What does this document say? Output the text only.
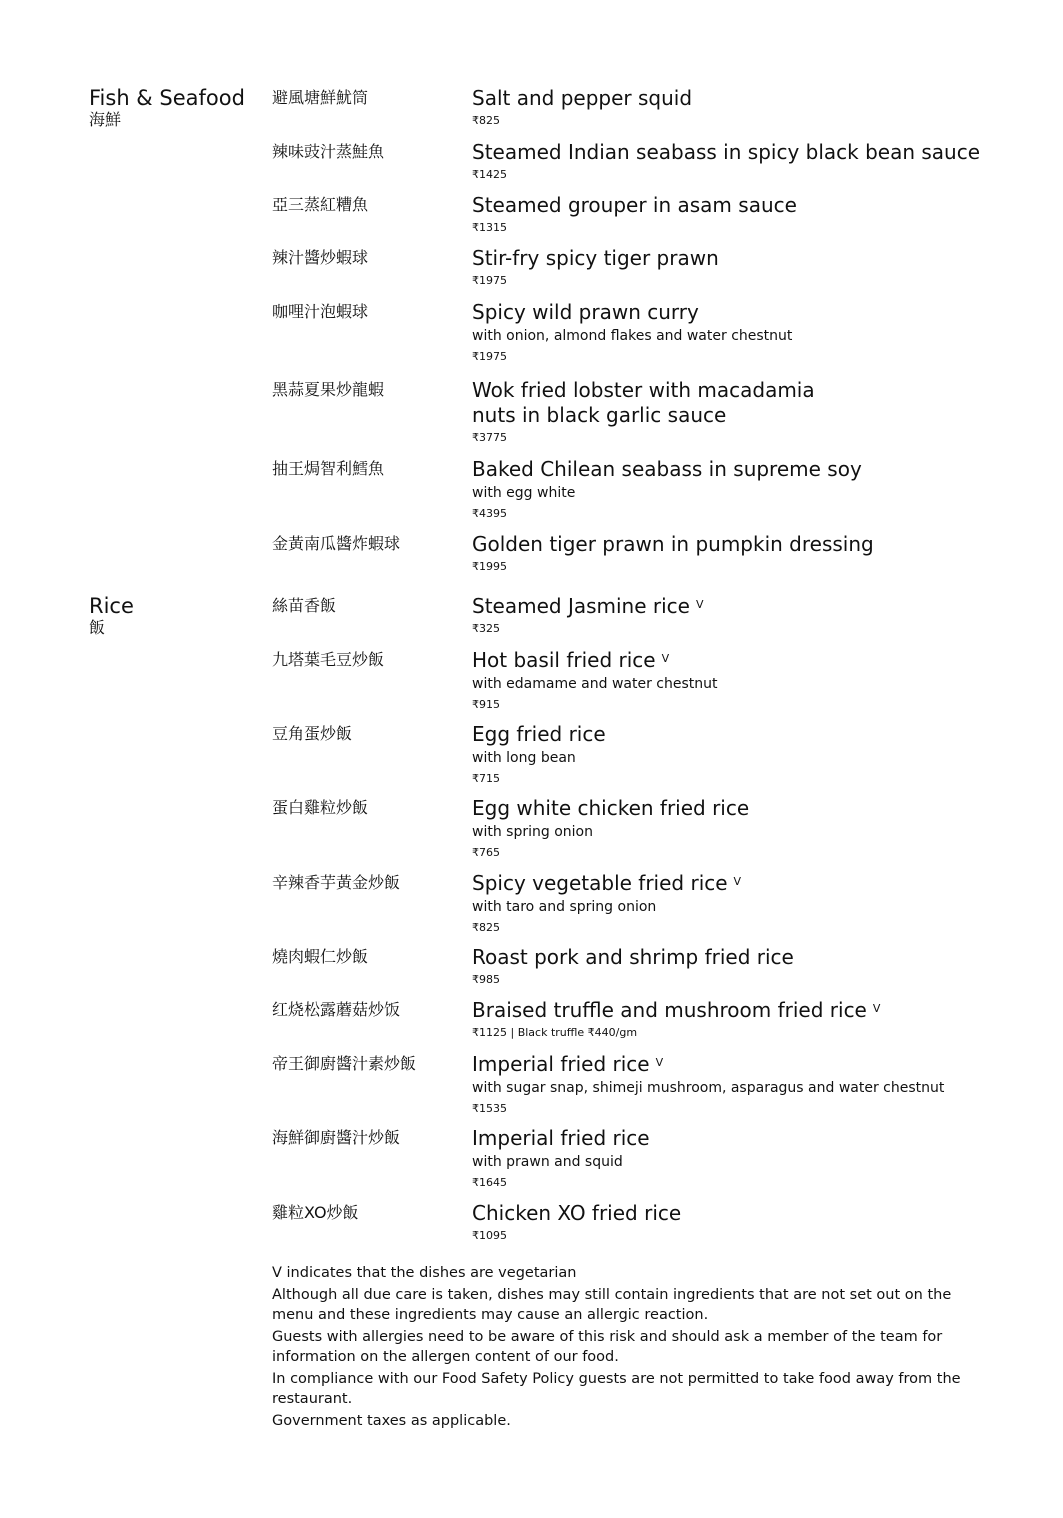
Fish & Seafood
海鮮
避風塘鮮魷筒	Salt and pepper squid
₹825
辣味豉汁蒸鮭魚	Steamed Indian seabass in spicy black bean sauce
₹1425
亞三蒸紅糟魚	Steamed grouper in asam sauce
₹1315
辣汁醬炒蝦球	Stir-fry spicy tiger prawn
₹1975
咖哩汁泡蝦球	Spicy wild prawn curry
with onion, almond flakes and water chestnut
₹1975
黑蒜夏果炒龍蝦	Wok fried lobster with macadamia nuts in black garlic sauce
₹3775
抽王焗智利鱈魚	Baked Chilean seabass in supreme soy
with egg white
₹4395
金黃南瓜醬炸蝦球	Golden tiger prawn in pumpkin dressing
₹1995
Rice
飯
絲苗香飯	Steamed Jasmine rice $^V$
₹325
九塔葉毛豆炒飯	Hot basil fried rice $^V$
with edamame and water chestnut
₹915
豆角蛋炒飯	Egg fried rice
with long bean
₹715
蛋白雞粒炒飯	Egg white chicken fried rice
with spring onion
₹765
辛辣香芋黃金炒飯	Spicy vegetable fried rice $^V$
with taro and spring onion
₹825
燒肉蝦仁炒飯	Roast pork and shrimp fried rice
₹985
红烧松露蘑菇炒饭	Braised truffle and mushroom fried rice $^V$
₹1125 | Black truffle ₹440/gm
帝王御廚醬汁素炒飯	Imperial fried rice $^V$
with sugar snap, shimeji mushroom, asparagus and water chestnut
₹1535
海鮮御廚醬汁炒飯	Imperial fried rice
with prawn and squid
₹1645
雞粒XO炒飯	Chicken XO fried rice
₹1095

V indicates that the dishes are vegetarian

Although all due care is taken, dishes may still contain ingredients that are not set out on the menu and these ingredients may cause an allergic reaction.

Guests with allergies need to be aware of this risk and should ask a member of the team for information on the allergen content of our food.

In compliance with our Food Safety Policy guests are not permitted to take food away from the restaurant.

Government taxes as applicable.
